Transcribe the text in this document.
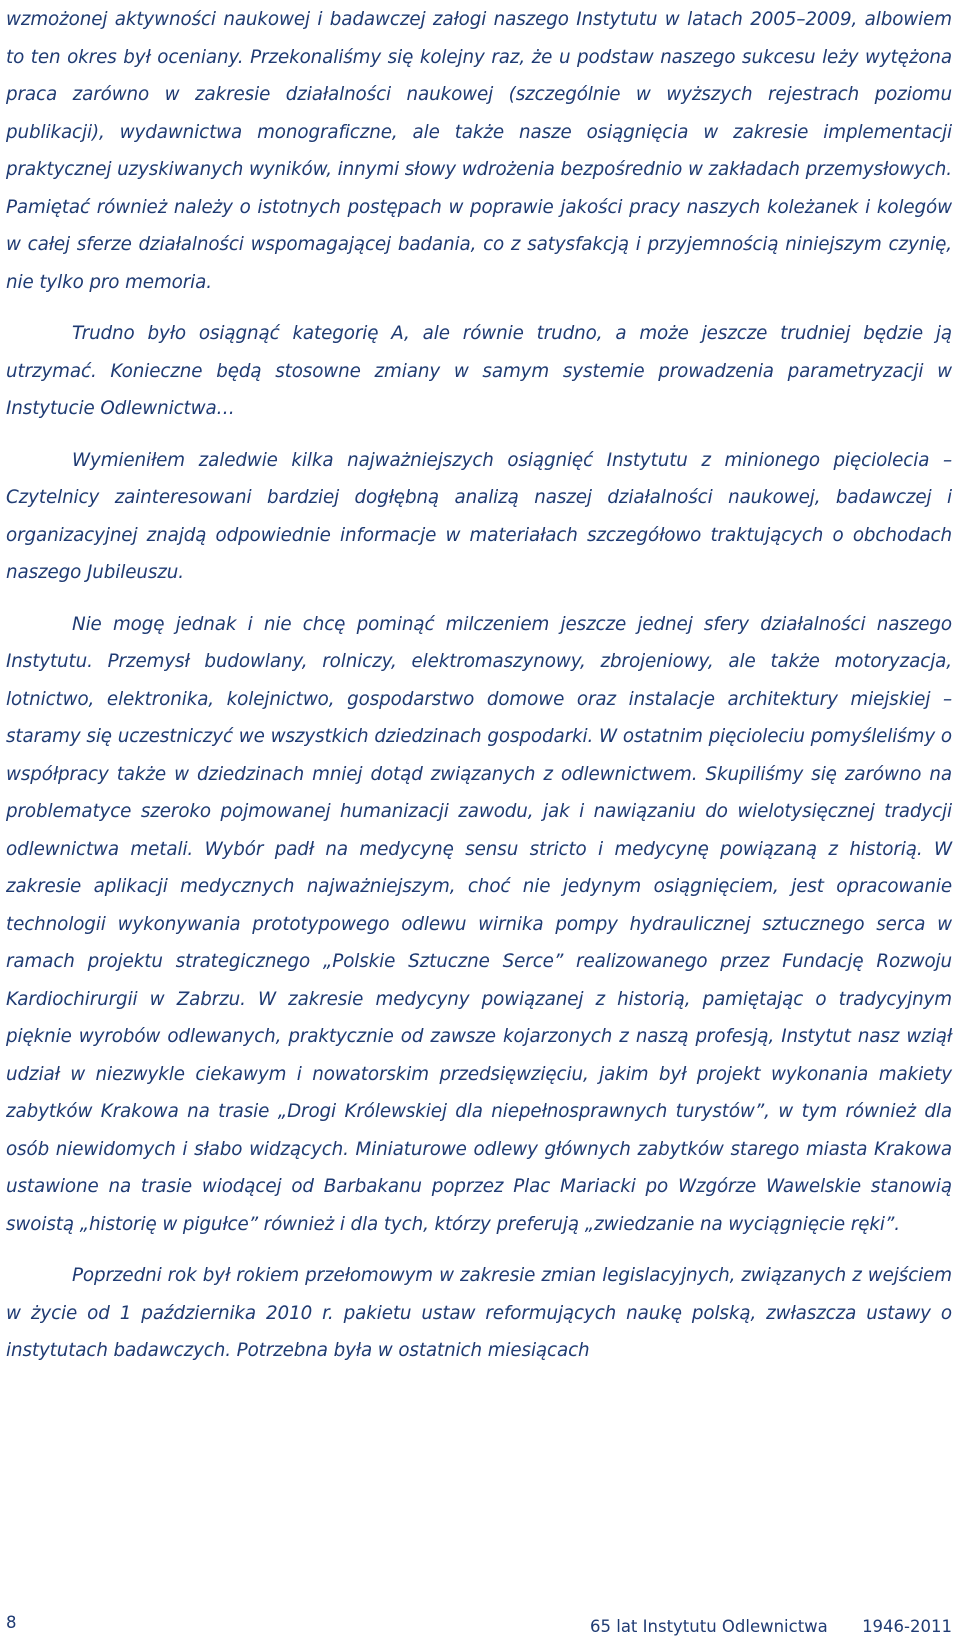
wzmożonej aktywności naukowej i badawczej załogi naszego Instytutu w latach 2005–2009, albowiem to ten okres był oceniany. Przekonaliśmy się kolejny raz, że u podstaw naszego sukcesu leży wytężona praca zarówno w zakresie działalności naukowej (szczególnie w wyższych rejestrach poziomu publikacji), wydawnictwa monograficzne, ale także nasze osiągnięcia w zakresie implementacji praktycznej uzyskiwanych wyników, innymi słowy wdrożenia bezpośrednio w zakładach przemysłowych. Pamiętać również należy o istotnych postępach w poprawie jakości pracy naszych koleżanek i kolegów w całej sferze działalności wspomagającej badania, co z satysfakcją i przyjemnością niniejszym czynię, nie tylko pro memoria.

Trudno było osiągnąć kategorię A, ale równie trudno, a może jeszcze trudniej będzie ją utrzymać. Konieczne będą stosowne zmiany w samym systemie prowadzenia parametryzacji w Instytucie Odlewnictwa…

Wymieniłem zaledwie kilka najważniejszych osiągnięć Instytutu z minionego pięciolecia – Czytelnicy zainteresowani bardziej dogłębną analizą naszej działalności naukowej, badawczej i organizacyjnej znajdą odpowiednie informacje w materiałach szczegółowo traktujących o obchodach naszego Jubileuszu.

Nie mogę jednak i nie chcę pominąć milczeniem jeszcze jednej sfery działalności naszego Instytutu. Przemysł budowlany, rolniczy, elektromaszynowy, zbrojeniowy, ale także motoryzacja, lotnictwo, elektronika, kolejnictwo, gospodarstwo domowe oraz instalacje architektury miejskiej – staramy się uczestniczyć we wszystkich dziedzinach gospodarki. W ostatnim pięcioleciu pomyśleliśmy o współpracy także w dziedzinach mniej dotąd związanych z odlewnictwem. Skupiliśmy się zarówno na problematyce szeroko pojmowanej humanizacji zawodu, jak i nawiązaniu do wielotysięcznej tradycji odlewnictwa metali. Wybór padł na medycynę sensu stricto i medycynę powiązaną z historią. W zakresie aplikacji medycznych najważniejszym, choć nie jedynym osiągnięciem, jest opracowanie technologii wykonywania prototypowego odlewu wirnika pompy hydraulicznej sztucznego serca w ramach projektu strategicznego „Polskie Sztuczne Serce” realizowanego przez Fundację Rozwoju Kardiochirurgii w Zabrzu. W zakresie medycyny powiązanej z historią, pamiętając o tradycyjnym pięknie wyrobów odlewanych, praktycznie od zawsze kojarzonych z naszą profesją, Instytut nasz wziął udział w niezwykle ciekawym i nowatorskim przedsięwzięciu, jakim był projekt wykonania makiety zabytków Krakowa na trasie „Drogi Królewskiej dla niepełnosprawnych turystów”, w tym również dla osób niewidomych i słabo widzących. Miniaturowe odlewy głównych zabytków starego miasta Krakowa ustawione na trasie wiodącej od Barbakanu poprzez Plac Mariacki po Wzgórze Wawelskie stanowią swoistą „historię w pigułce” również i dla tych, którzy preferują „zwiedzanie na wyciągnięcie ręki”.

Poprzedni rok był rokiem przełomowym w zakresie zmian legislacyjnych, związanych z wejściem w życie od 1 października 2010 r. pakietu ustaw reformujących naukę polską, zwłaszcza ustawy o instytutach badawczych. Potrzebna była w ostatnich miesiącach

8	65 lat Instytutu Odlewnictwa 1946-2011
